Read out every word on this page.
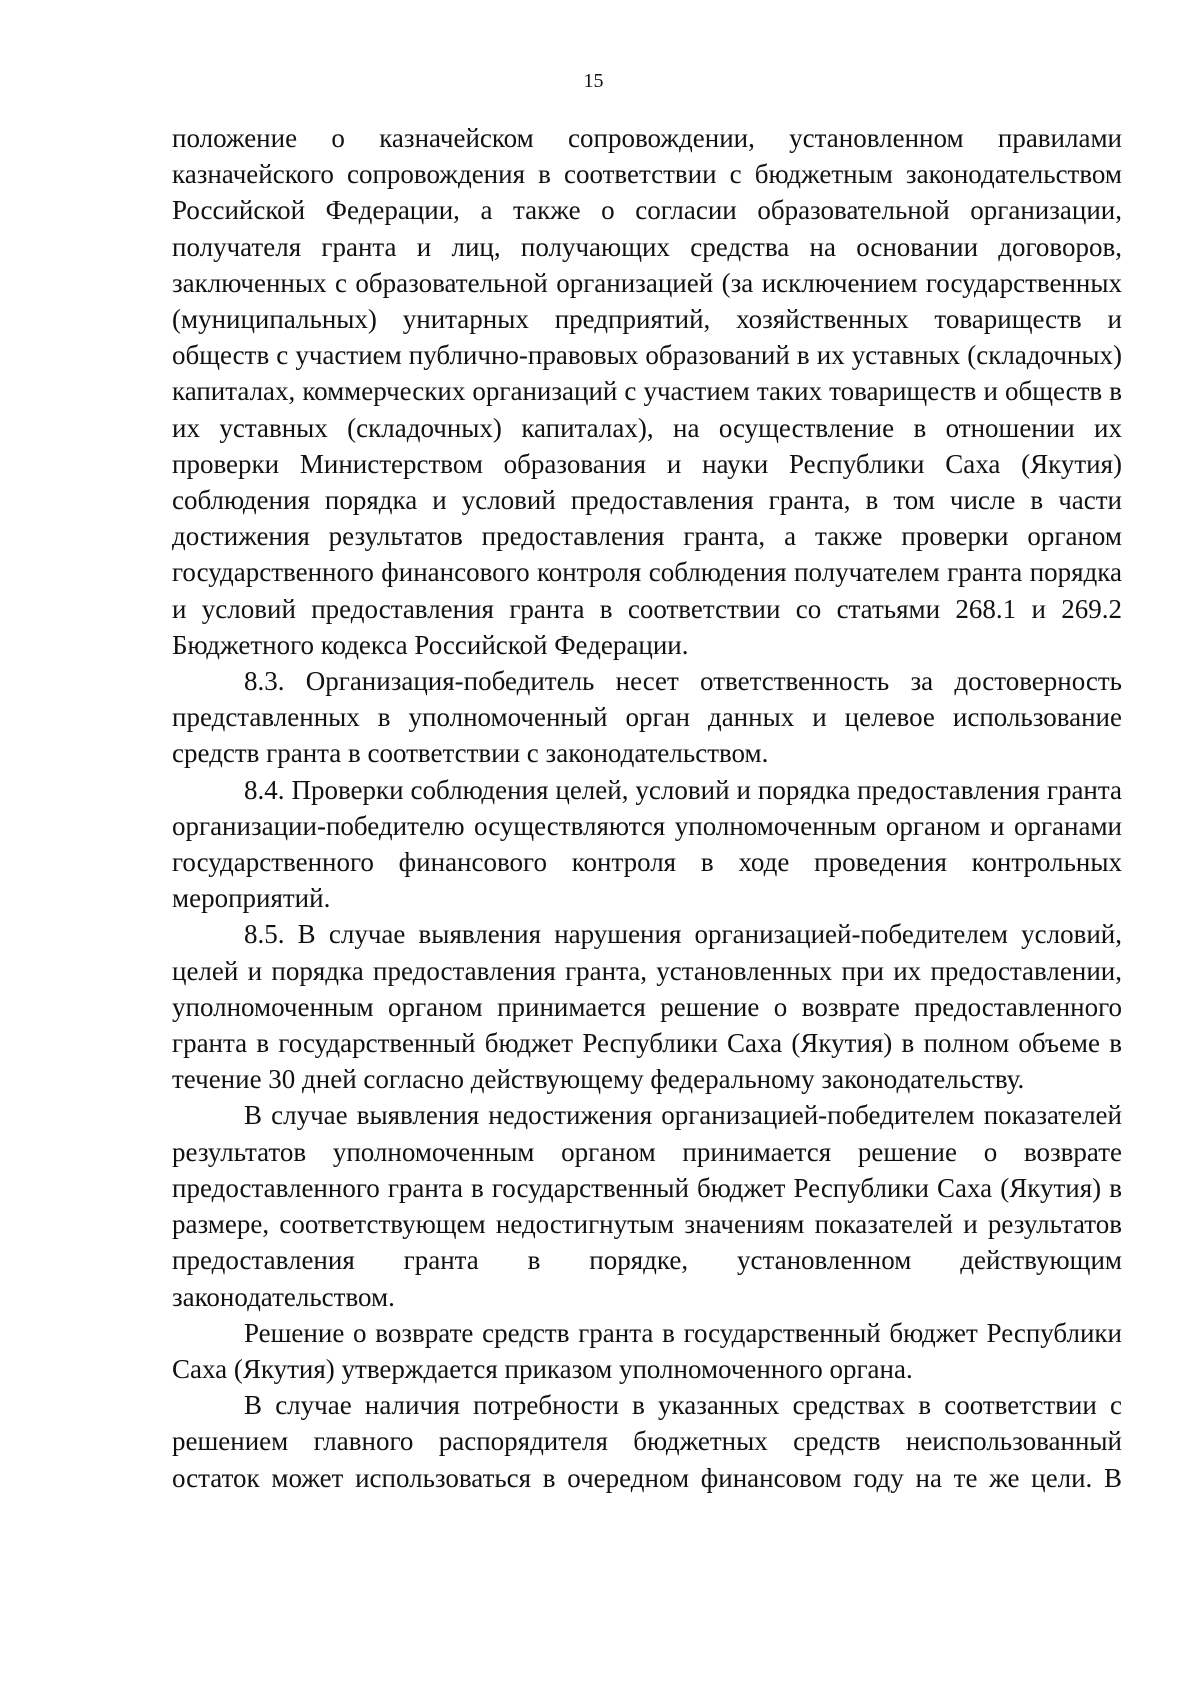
15

положение о казначейском сопровождении, установленном правилами казначейского сопровождения в соответствии с бюджетным законодательством Российской Федерации, а также о согласии образовательной организации, получателя гранта и лиц, получающих средства на основании договоров, заключенных с образовательной организацией (за исключением государственных (муниципальных) унитарных предприятий, хозяйственных товариществ и обществ с участием публично-правовых образований в их уставных (складочных) капиталах, коммерческих организаций с участием таких товариществ и обществ в их уставных (складочных) капиталах), на осуществление в отношении их проверки Министерством образования и науки Республики Саха (Якутия) соблюдения порядка и условий предоставления гранта, в том числе в части достижения результатов предоставления гранта, а также проверки органом государственного финансового контроля соблюдения получателем гранта порядка и условий предоставления гранта в соответствии со статьями 268.1 и 269.2 Бюджетного кодекса Российской Федерации.

8.3. Организация-победитель несет ответственность за достоверность представленных в уполномоченный орган данных и целевое использование средств гранта в соответствии с законодательством.

8.4. Проверки соблюдения целей, условий и порядка предоставления гранта организации-победителю осуществляются уполномоченным органом и органами государственного финансового контроля в ходе проведения контрольных мероприятий.

8.5. В случае выявления нарушения организацией-победителем условий, целей и порядка предоставления гранта, установленных при их предоставлении, уполномоченным органом принимается решение о возврате предоставленного гранта в государственный бюджет Республики Саха (Якутия) в полном объеме в течение 30 дней согласно действующему федеральному законодательству.

В случае выявления недостижения организацией-победителем показателей результатов уполномоченным органом принимается решение о возврате предоставленного гранта в государственный бюджет Республики Саха (Якутия) в размере, соответствующем недостигнутым значениям показателей и результатов предоставления гранта в порядке, установленном действующим законодательством.

Решение о возврате средств гранта в государственный бюджет Республики Саха (Якутия) утверждается приказом уполномоченного органа.

В случае наличия потребности в указанных средствах в соответствии с решением главного распорядителя бюджетных средств неиспользованный остаток может использоваться в очередном финансовом году на те же цели. В
